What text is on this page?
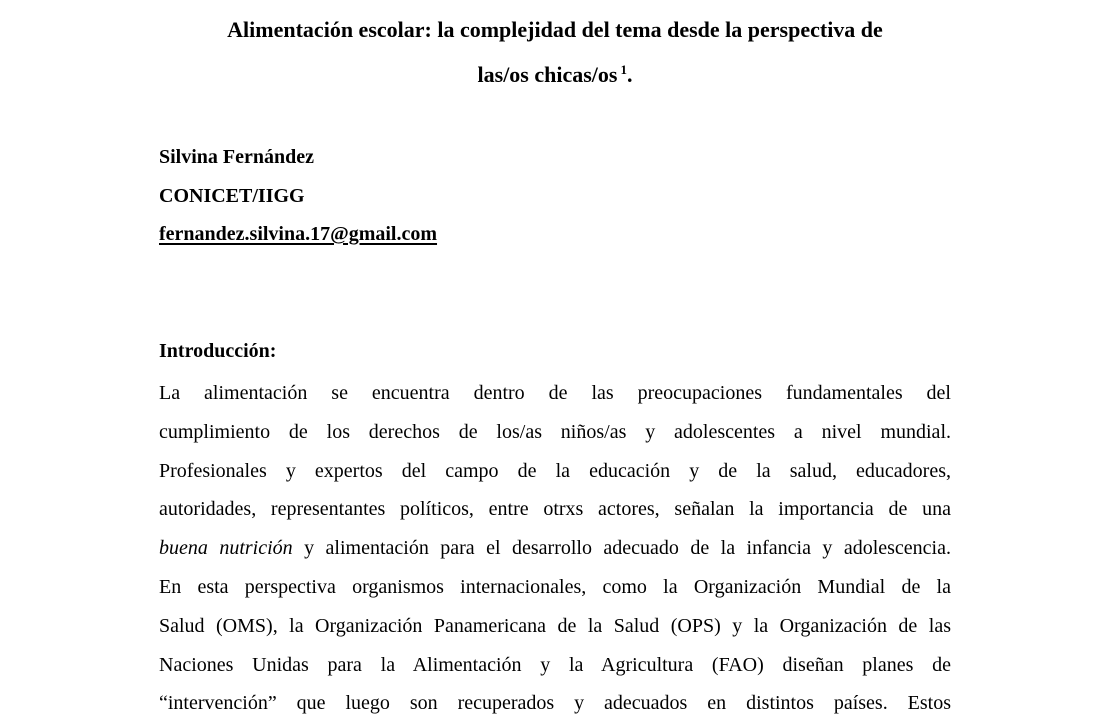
Alimentación escolar: la complejidad del tema desde la perspectiva de
las/os chicas/os $^1$.
Silvina Fernández
CONICET/IIGG
fernandez.silvina.17@gmail.com
Introducción:

La alimentación se encuentra dentro de las preocupaciones fundamentales del
cumplimiento de los derechos de los/as niños/as y adolescentes a nivel mundial.
Profesionales y expertos del campo de la educación y de la salud, educadores,
autoridades, representantes políticos, entre otrxs actores, señalan la importancia de una
buena nutrición y alimentación para el desarrollo adecuado de la infancia y adolescencia.
En esta perspectiva organismos internacionales, como la Organización Mundial de la
Salud (OMS), la Organización Panamericana de la Salud (OPS) y la Organización de las
Naciones Unidas para la Alimentación y la Agricultura (FAO) diseñan planes de
“intervención” que luego son recuperados y adecuados en distintos países. Estos
